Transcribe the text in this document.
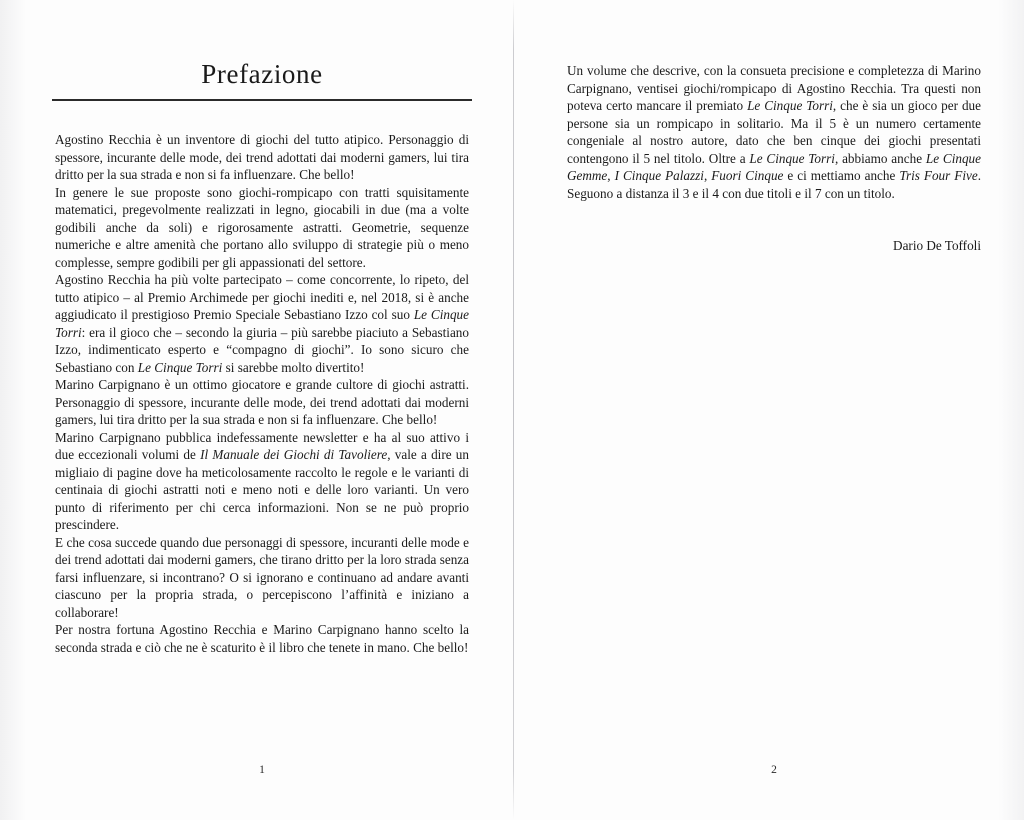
Prefazione

Agostino Recchia è un inventore di giochi del tutto atipico. Personaggio di spessore, incurante delle mode, dei trend adottati dai moderni gamers, lui tira dritto per la sua strada e non si fa influenzare. Che bello!

In genere le sue proposte sono giochi-rompicapo con tratti squisitamente matematici, pregevolmente realizzati in legno, giocabili in due (ma a volte godibili anche da soli) e rigorosamente astratti. Geometrie, sequenze numeriche e altre amenità che portano allo sviluppo di strategie più o meno complesse, sempre godibili per gli appassionati del settore.

Agostino Recchia ha più volte partecipato – come concorrente, lo ripeto, del tutto atipico – al Premio Archimede per giochi inediti e, nel 2018, si è anche aggiudicato il prestigioso Premio Speciale Sebastiano Izzo col suo Le Cinque Torri: era il gioco che – secondo la giuria – più sarebbe piaciuto a Sebastiano Izzo, indimenticato esperto e “compagno di giochi”. Io sono sicuro che Sebastiano con Le Cinque Torri si sarebbe molto divertito!

Marino Carpignano è un ottimo giocatore e grande cultore di giochi astratti. Personaggio di spessore, incurante delle mode, dei trend adottati dai moderni gamers, lui tira dritto per la sua strada e non si fa influenzare. Che bello!

Marino Carpignano pubblica indefessamente newsletter e ha al suo attivo i due eccezionali volumi de Il Manuale dei Giochi di Tavoliere, vale a dire un migliaio di pagine dove ha meticolosamente raccolto le regole e le varianti di centinaia di giochi astratti noti e meno noti e delle loro varianti. Un vero punto di riferimento per chi cerca informazioni. Non se ne può proprio prescindere.

E che cosa succede quando due personaggi di spessore, incuranti delle mode e dei trend adottati dai moderni gamers, che tirano dritto per la loro strada senza farsi influenzare, si incontrano? O si ignorano e continuano ad andare avanti ciascuno per la propria strada, o percepiscono l’affinità e iniziano a collaborare!

Per nostra fortuna Agostino Recchia e Marino Carpignano hanno scelto la seconda strada e ciò che ne è scaturito è il libro che tenete in mano. Che bello!

1

Un volume che descrive, con la consueta precisione e completezza di Marino Carpignano, ventisei giochi/rompicapo di Agostino Recchia. Tra questi non poteva certo mancare il premiato Le Cinque Torri, che è sia un gioco per due persone sia un rompicapo in solitario. Ma il 5 è un numero certamente congeniale al nostro autore, dato che ben cinque dei giochi presentati contengono il 5 nel titolo. Oltre a Le Cinque Torri, abbiamo anche Le Cinque Gemme, I Cinque Palazzi, Fuori Cinque e ci mettiamo anche Tris Four Five. Seguono a distanza il 3 e il 4 con due titoli e il 7 con un titolo.

Dario De Toffoli
2
